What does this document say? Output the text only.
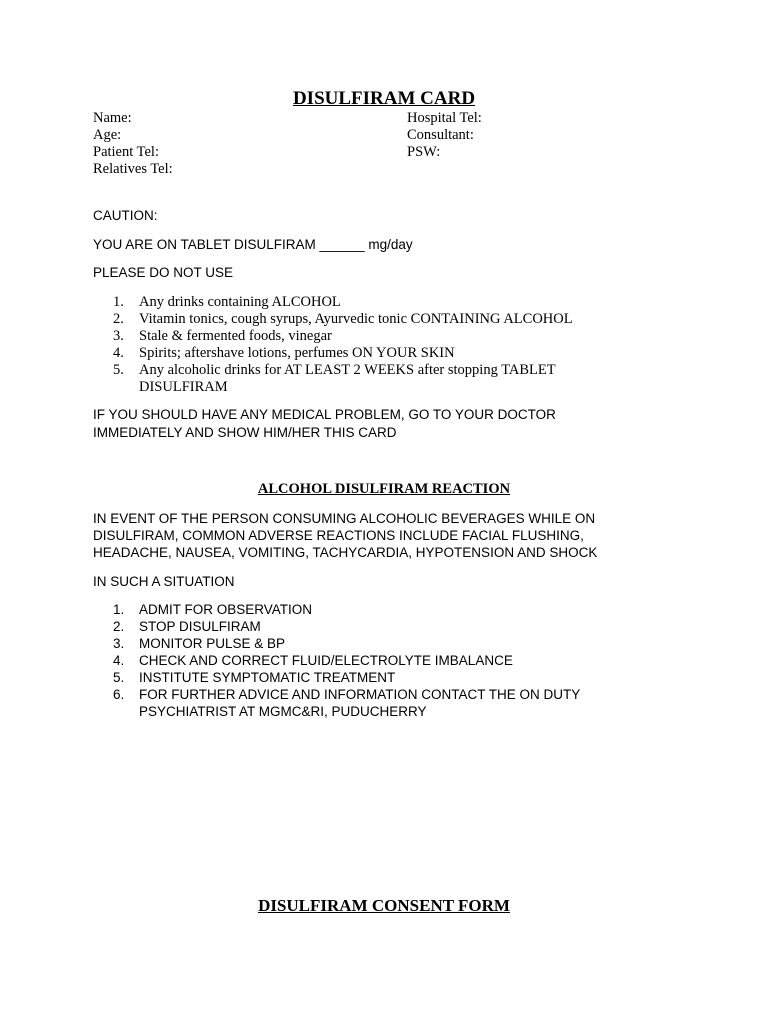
DISULFIRAM CARD
Name:
Age:
Patient Tel:
Relatives Tel:
Hospital Tel:
Consultant:
PSW:
CAUTION:
YOU ARE ON TABLET DISULFIRAM ______ mg/day
PLEASE DO NOT USE
1. Any drinks containing ALCOHOL
2. Vitamin tonics, cough syrups, Ayurvedic tonic CONTAINING ALCOHOL
3. Stale & fermented foods, vinegar
4. Spirits; aftershave lotions, perfumes ON YOUR SKIN
5. Any alcoholic drinks for AT LEAST 2 WEEKS after stopping TABLET
DISULFIRAM
IF YOU SHOULD HAVE ANY MEDICAL PROBLEM, GO TO YOUR DOCTOR
IMMEDIATELY AND SHOW HIM/HER THIS CARD
ALCOHOL DISULFIRAM REACTION
IN EVENT OF THE PERSON CONSUMING ALCOHOLIC BEVERAGES WHILE ON
DISULFIRAM, COMMON ADVERSE REACTIONS INCLUDE FACIAL FLUSHING,
HEADACHE, NAUSEA, VOMITING, TACHYCARDIA, HYPOTENSION AND SHOCK
IN SUCH A SITUATION
1. ADMIT FOR OBSERVATION
2. STOP DISULFIRAM
3. MONITOR PULSE & BP
4. CHECK AND CORRECT FLUID/ELECTROLYTE IMBALANCE
5. INSTITUTE SYMPTOMATIC TREATMENT
6. FOR FURTHER ADVICE AND INFORMATION CONTACT THE ON DUTY
PSYCHIATRIST AT MGMC&RI, PUDUCHERRY
DISULFIRAM CONSENT FORM
